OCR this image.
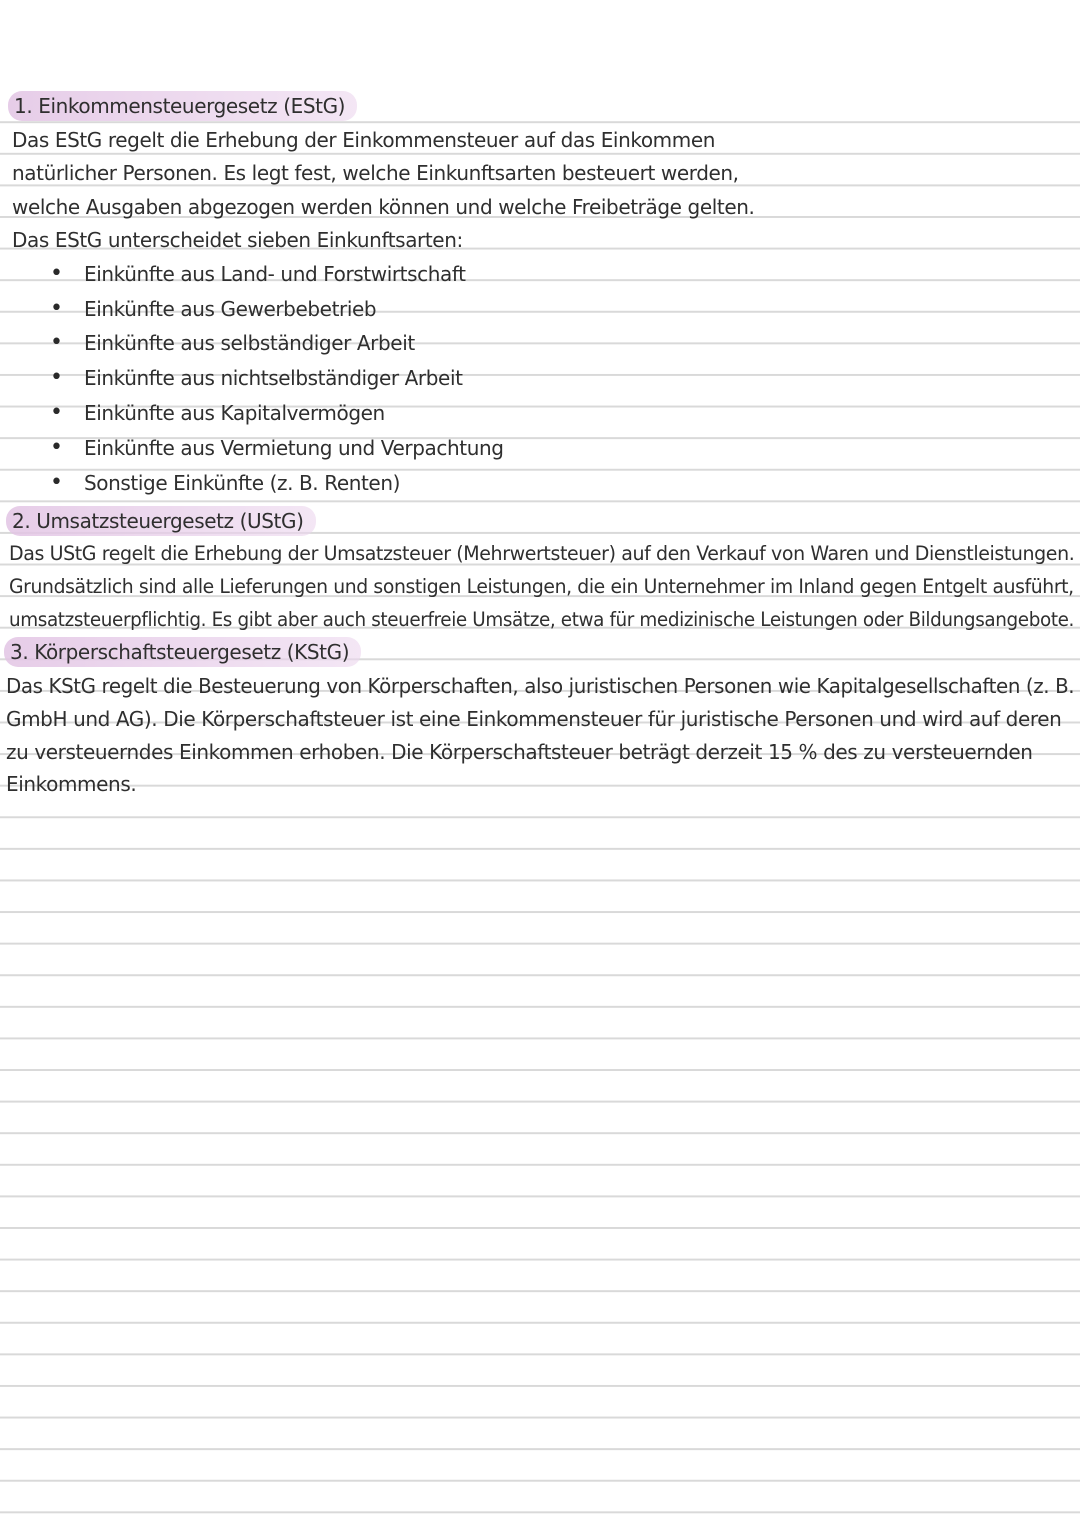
1. Einkommensteuergesetz (EStG)
Das EStG regelt die Erhebung der Einkommensteuer auf das Einkommen
natürlicher Personen. Es legt fest, welche Einkunftsarten besteuert werden,
welche Ausgaben abgezogen werden können und welche Freibeträge gelten.
Das EStG unterscheidet sieben Einkunftsarten:
• Einkünfte aus Land- und Forstwirtschaft
• Einkünfte aus Gewerbebetrieb
• Einkünfte aus selbständiger Arbeit
• Einkünfte aus nichtselbständiger Arbeit
• Einkünfte aus Kapitalvermögen
• Einkünfte aus Vermietung und Verpachtung
• Sonstige Einkünfte (z. B. Renten)
2. Umsatzsteuergesetz (UStG)
Das UStG regelt die Erhebung der Umsatzsteuer (Mehrwertsteuer) auf den Verkauf von Waren und Dienstleistungen.
Grundsätzlich sind alle Lieferungen und sonstigen Leistungen, die ein Unternehmer im Inland gegen Entgelt ausführt,
umsatzsteuerpflichtig. Es gibt aber auch steuerfreie Umsätze, etwa für medizinische Leistungen oder Bildungsangebote.
3. Körperschaftsteuergesetz (KStG)
Das KStG regelt die Besteuerung von Körperschaften, also juristischen Personen wie Kapitalgesellschaften (z. B.
GmbH und AG). Die Körperschaftsteuer ist eine Einkommensteuer für juristische Personen und wird auf deren
zu versteuerndes Einkommen erhoben. Die Körperschaftsteuer beträgt derzeit 15 % des zu versteuernden
Einkommens.
